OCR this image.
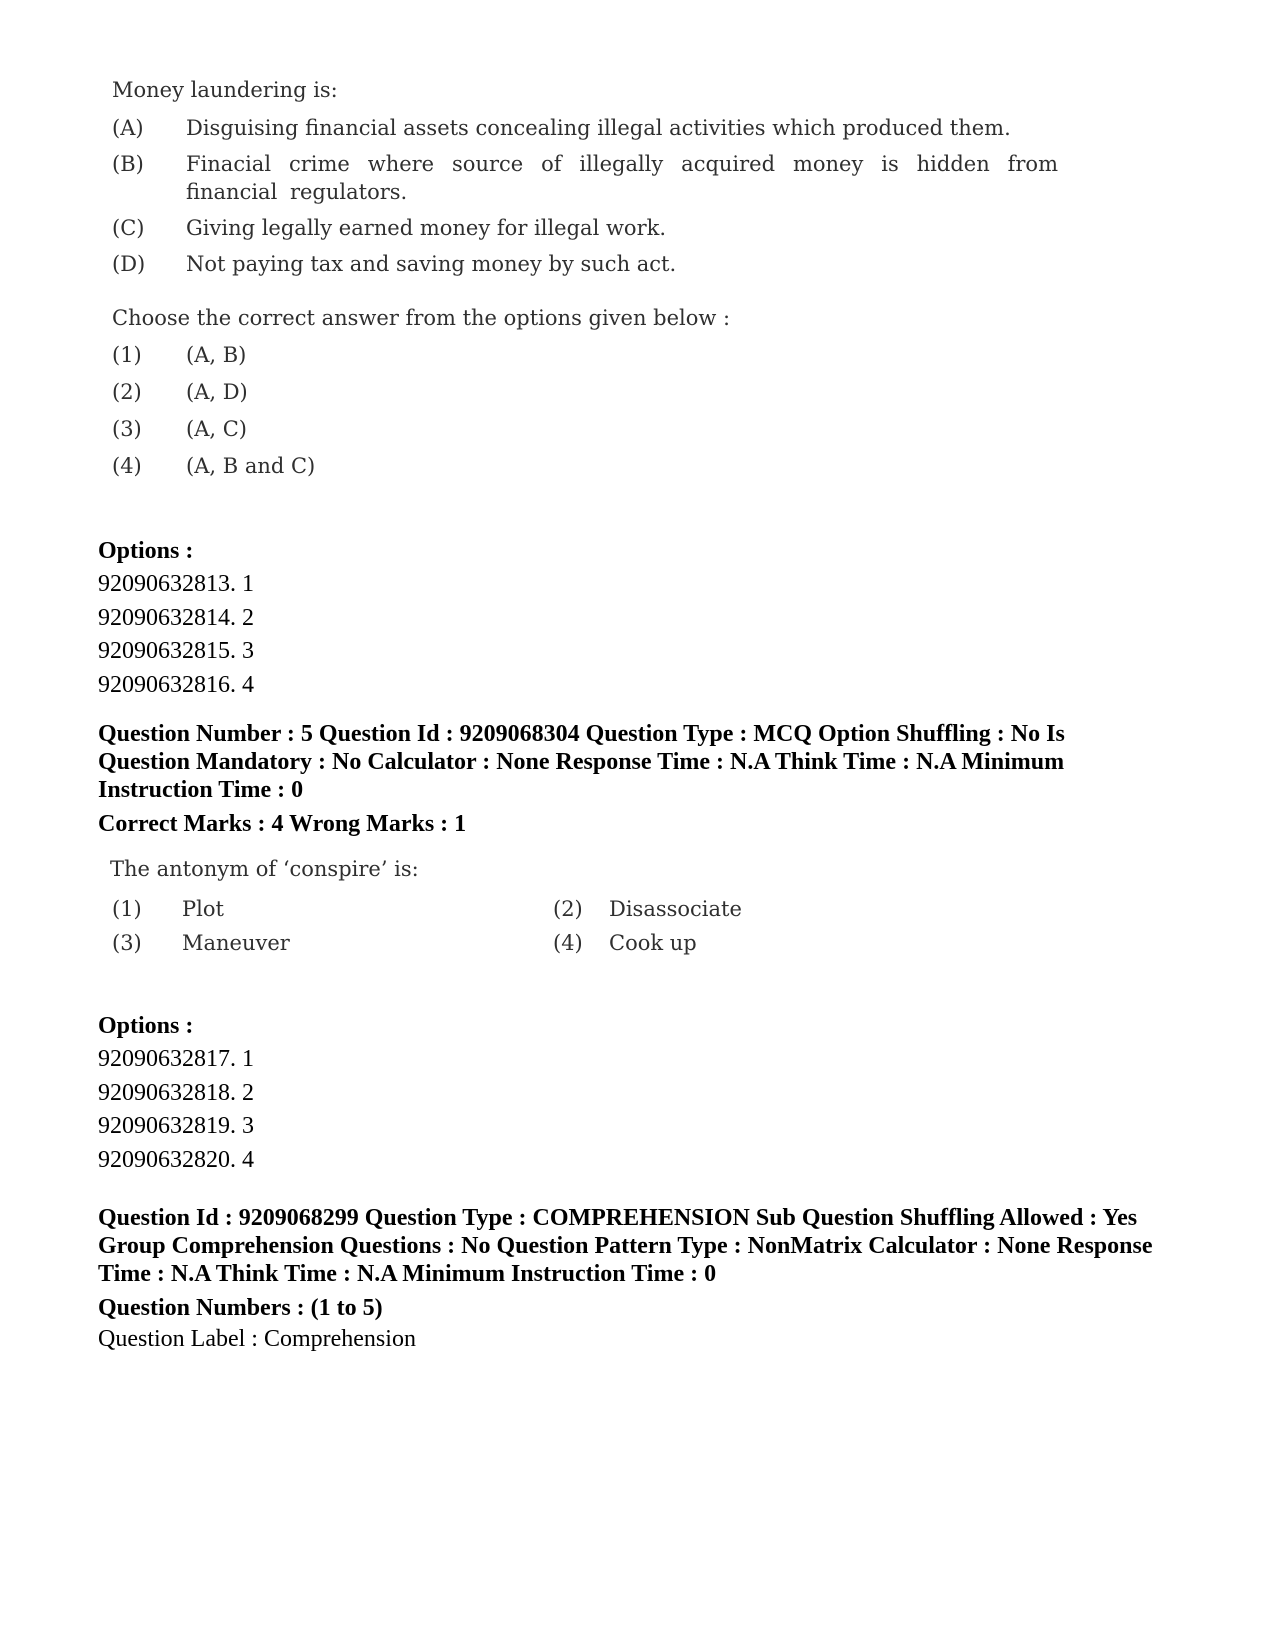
Money laundering is:
(A)	Disguising financial assets concealing illegal activities which produced them.
(B)	Finacial crime where source of illegally acquired money is hidden from financial regulators.
(C)	Giving legally earned money for illegal work.
(D)	Not paying tax and saving money by such act.
Choose the correct answer from the options given below :
(1)	(A, B)
(2)	(A, D)
(3)	(A, C)
(4)	(A, B and C)
Options :
92090632813. 1
92090632814. 2
92090632815. 3
92090632816. 4
Question Number : 5 Question Id : 9209068304 Question Type : MCQ Option Shuffling : No Is Question Mandatory : No Calculator : None Response Time : N.A Think Time : N.A Minimum Instruction Time : 0
Correct Marks : 4 Wrong Marks : 1
The antonym of ‘conspire’ is:
(1)	Plot	(2)	Disassociate
(3)	Maneuver	(4)	Cook up
Options :
92090632817. 1
92090632818. 2
92090632819. 3
92090632820. 4
Question Id : 9209068299 Question Type : COMPREHENSION Sub Question Shuffling Allowed : Yes Group Comprehension Questions : No Question Pattern Type : NonMatrix Calculator : None Response Time : N.A Think Time : N.A Minimum Instruction Time : 0
Question Numbers : (1 to 5)
Question Label : Comprehension
